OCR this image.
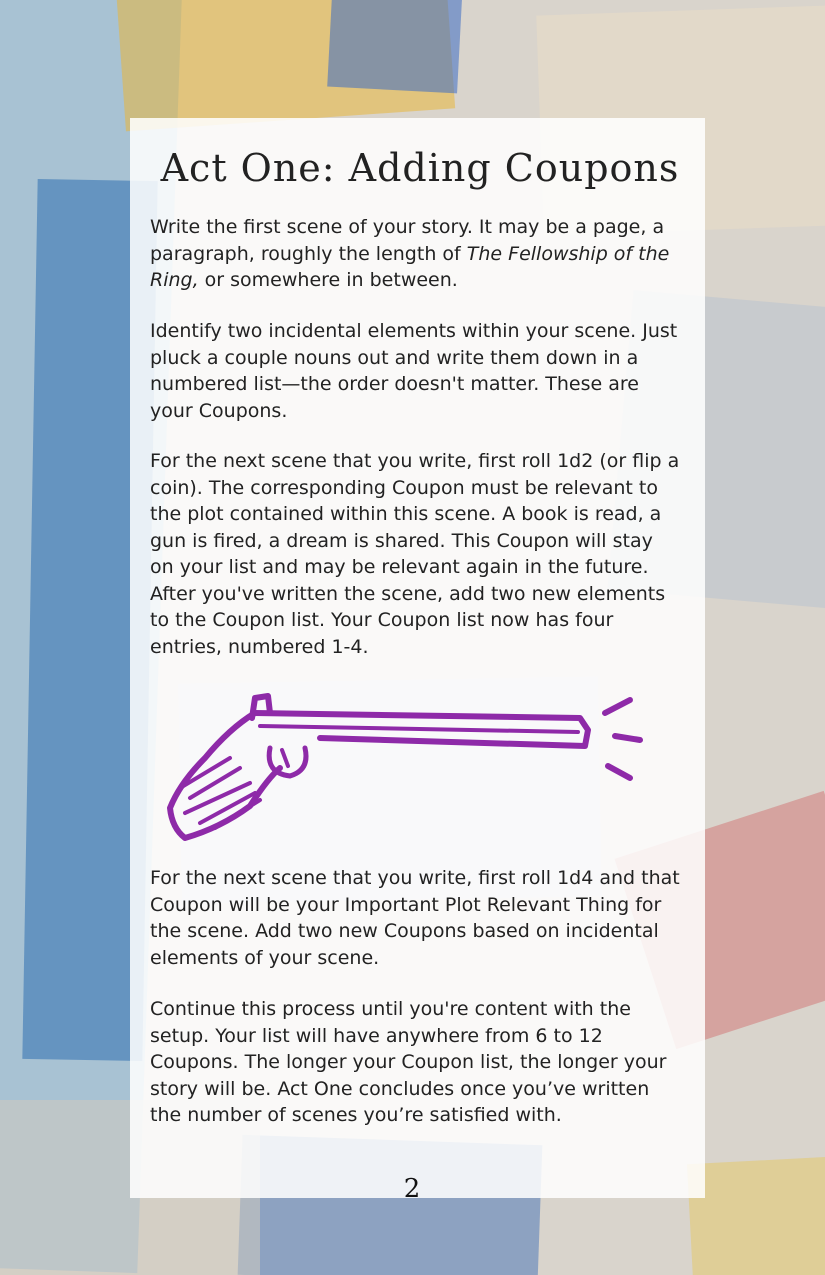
Act One: Adding Coupons

Write the first scene of your story. It may be a page, a paragraph, roughly the length of The Fellowship of the Ring, or somewhere in between.

Identify two incidental elements within your scene. Just pluck a couple nouns out and write them down in a numbered list—the order doesn't matter. These are your Coupons.

For the next scene that you write, first roll 1d2 (or flip a coin). The corresponding Coupon must be relevant to the plot contained within this scene. A book is read, a gun is fired, a dream is shared. This Coupon will stay on your list and may be relevant again in the future. After you've written the scene, add two new elements to the Coupon list. Your Coupon list now has four entries, numbered 1-4.

For the next scene that you write, first roll 1d4 and that Coupon will be your Important Plot Relevant Thing for the scene. Add two new Coupons based on incidental elements of your scene.

Continue this process until you're content with the setup. Your list will have anywhere from 6 to 12 Coupons. The longer your Coupon list, the longer your story will be. Act One concludes once you’ve written the number of scenes you’re satisfied with.

2
